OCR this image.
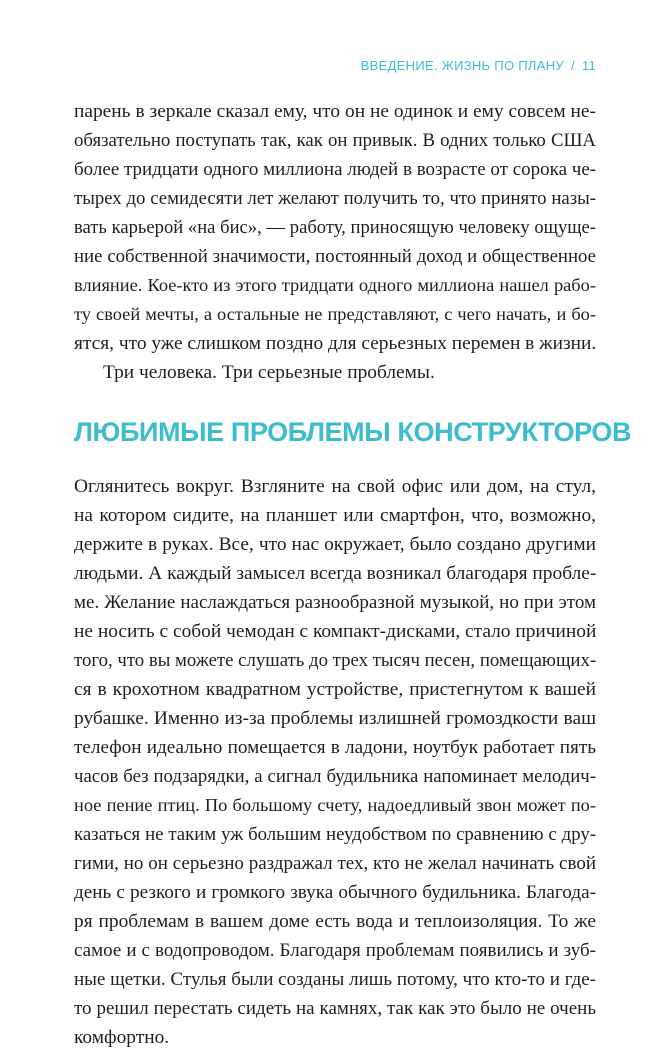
ВВЕДЕНИЕ. ЖИЗНЬ ПО ПЛАНУ / 11
парень в зеркале сказал ему, что он не одинок и ему совсем не-
обязательно поступать так, как он привык. В одних только США
более тридцати одного миллиона людей в возрасте от сорока че-
тырех до семидесяти лет желают получить то, что принято назы-
вать карьерой «на бис», — работу, приносящую человеку ощуще-
ние собственной значимости, постоянный доход и общественное
влияние. Кое-кто из этого тридцати одного миллиона нашел рабо-
ту своей мечты, а остальные не представляют, с чего начать, и бо-
ятся, что уже слишком поздно для серьезных перемен в жизни.
Три человека. Три серьезные проблемы.
ЛЮБИМЫЕ ПРОБЛЕМЫ КОНСТРУКТОРОВ
Оглянитесь вокруг. Взгляните на свой офис или дом, на стул,
на котором сидите, на планшет или смартфон, что, возможно,
держите в руках. Все, что нас окружает, было создано другими
людьми. А каждый замысел всегда возникал благодаря пробле-
ме. Желание наслаждаться разнообразной музыкой, но при этом
не носить с собой чемодан с компакт-дисками, стало причиной
того, что вы можете слушать до трех тысяч песен, помещающих-
ся в крохотном квадратном устройстве, пристегнутом к вашей
рубашке. Именно из-за проблемы излишней громоздкости ваш
телефон идеально помещается в ладони, ноутбук работает пять
часов без подзарядки, а сигнал будильника напоминает мелодич-
ное пение птиц. По большому счету, надоедливый звон может по-
казаться не таким уж большим неудобством по сравнению с дру-
гими, но он серьезно раздражал тех, кто не желал начинать свой
день с резкого и громкого звука обычного будильника. Благода-
ря проблемам в вашем доме есть вода и теплоизоляция. То же
самое и с водопроводом. Благодаря проблемам появились и зуб-
ные щетки. Стулья были созданы лишь потому, что кто-то и где-
то решил перестать сидеть на камнях, так как это было не очень
комфортно.
